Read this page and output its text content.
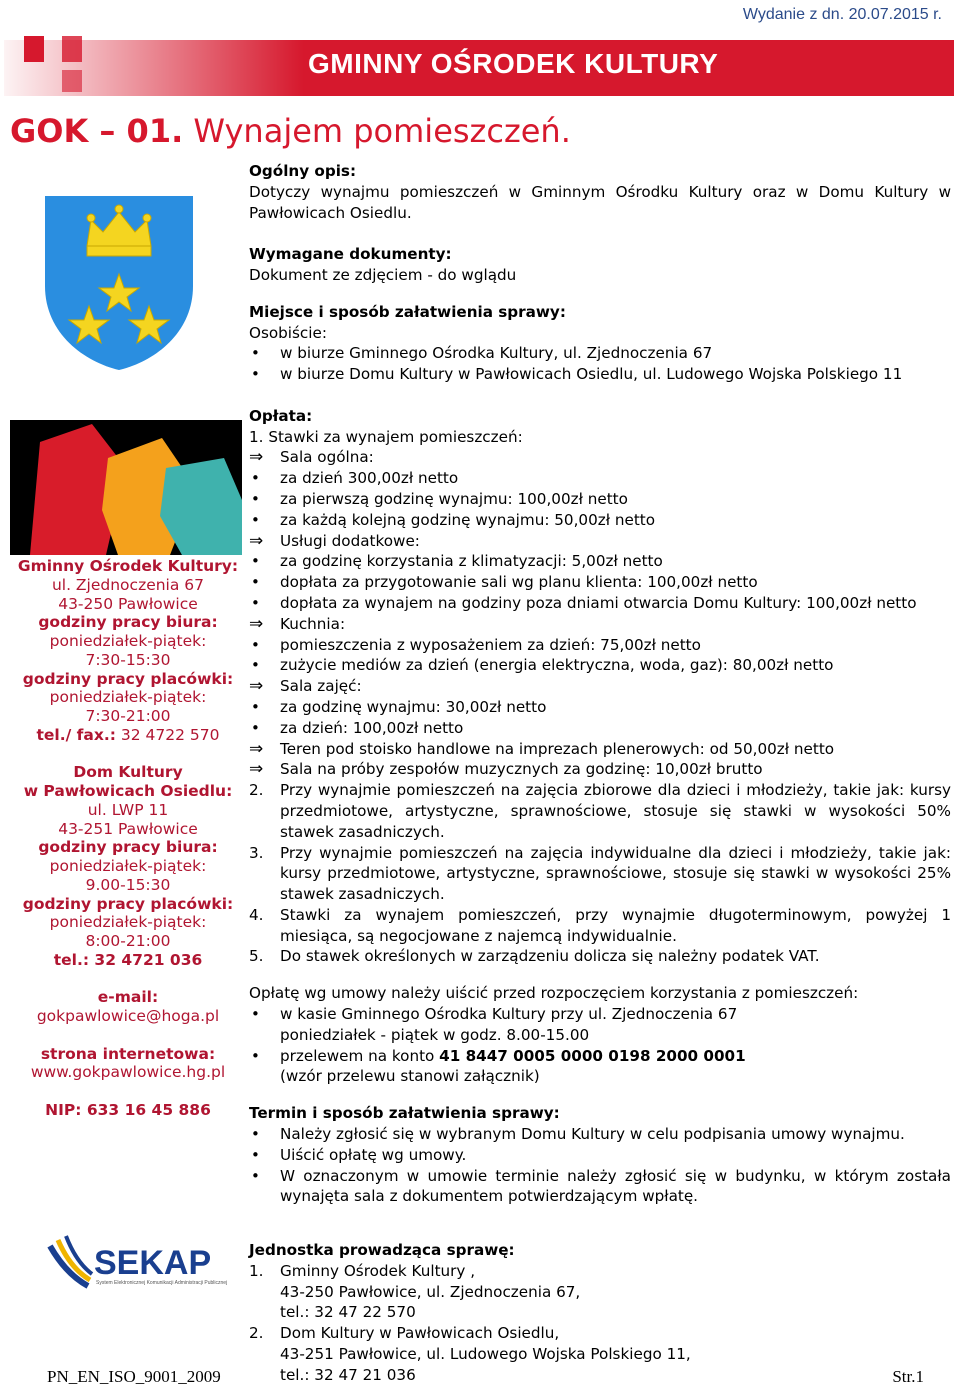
Wydanie z dn. 20.07.2015 r.
GMINNY OŚRODEK KULTURY
GOK – 01. Wynajem pomieszczeń.
Gminny Ośrodek Kultury:
ul. Zjednoczenia 67
43-250 Pawłowice
godziny pracy biura:
poniedziałek-piątek:
7:30-15:30
godziny pracy placówki:
poniedziałek-piątek:
7:30-21:00
tel./ fax.: 32 4722 570
Dom Kultury
w Pawłowicach Osiedlu:
ul. LWP 11
43-251 Pawłowice
godziny pracy biura:
poniedziałek-piątek:
9.00-15:30
godziny pracy placówki:
poniedziałek-piątek:
8:00-21:00
tel.: 32 4721 036
e-mail:
gokpawlowice@hoga.pl
strona internetowa:
www.gokpawlowice.hg.pl
NIP: 633 16 45 886
SEKAP
System Elektronicznej Komunikacji Administracji Publicznej
Ogólny opis:
Dotyczy wynajmu pomieszczeń w Gminnym Ośrodku Kultury oraz w Domu Kultury w Pawłowicach Osiedlu.
Wymagane dokumenty:
Dokument ze zdjęciem - do wglądu
Miejsce i sposób załatwienia sprawy:
Osobiście:
• w biurze Gminnego Ośrodka Kultury, ul. Zjednoczenia 67
• w biurze Domu Kultury w Pawłowicach Osiedlu, ul. Ludowego Wojska Polskiego 11
Opłata:
1. Stawki za wynajem pomieszczeń:
⇒ Sala ogólna:
• za dzień 300,00zł netto
• za pierwszą godzinę wynajmu: 100,00zł netto
• za każdą kolejną godzinę wynajmu: 50,00zł netto
⇒ Usługi dodatkowe:
• za godzinę korzystania z klimatyzacji: 5,00zł netto
• dopłata za przygotowanie sali wg planu klienta: 100,00zł netto
• dopłata za wynajem na godziny poza dniami otwarcia Domu Kultury: 100,00zł netto
⇒ Kuchnia:
• pomieszczenia z wyposażeniem za dzień: 75,00zł netto
• zużycie mediów za dzień (energia elektryczna, woda, gaz): 80,00zł netto
⇒ Sala zajęć:
• za godzinę wynajmu: 30,00zł netto
• za dzień: 100,00zł netto
⇒ Teren pod stoisko handlowe na imprezach plenerowych: od 50,00zł netto
⇒ Sala na próby zespołów muzycznych za godzinę: 10,00zł brutto
2. Przy wynajmie pomieszczeń na zajęcia zbiorowe dla dzieci i młodzieży, takie jak: kursy przedmiotowe, artystyczne, sprawnościowe, stosuje się stawki w wysokości 50% stawek zasadniczych.
3. Przy wynajmie pomieszczeń na zajęcia indywidualne dla dzieci i młodzieży, takie jak: kursy przedmiotowe, artystyczne, sprawnościowe, stosuje się stawki w wysokości 25% stawek zasadniczych.
4. Stawki za wynajem pomieszczeń, przy wynajmie długoterminowym, powyżej 1 miesiąca, są negocjowane z najemcą indywidualnie.
5. Do stawek określonych w zarządzeniu dolicza się należny podatek VAT.
Opłatę wg umowy należy uiścić przed rozpoczęciem korzystania z pomieszczeń:
• w kasie Gminnego Ośrodka Kultury przy ul. Zjednoczenia 67
poniedziałek - piątek w godz. 8.00-15.00
• przelewem na konto 41 8447 0005 0000 0198 2000 0001
(wzór przelewu stanowi załącznik)
Termin i sposób załatwienia sprawy:
• Należy zgłosić się w wybranym Domu Kultury w celu podpisania umowy wynajmu.
• Uiścić opłatę wg umowy.
• W oznaczonym w umowie terminie należy zgłosić się w budynku, w którym została wynajęta sala z dokumentem potwierdzającym wpłatę.
Jednostka prowadząca sprawę:
1. Gminny Ośrodek Kultury ,
43-250 Pawłowice, ul. Zjednoczenia 67,
tel.: 32 47 22 570
2. Dom Kultury w Pawłowicach Osiedlu,
43-251 Pawłowice, ul. Ludowego Wojska Polskiego 11,
tel.: 32 47 21 036
PN_EN_ISO_9001_2009	Str.1
